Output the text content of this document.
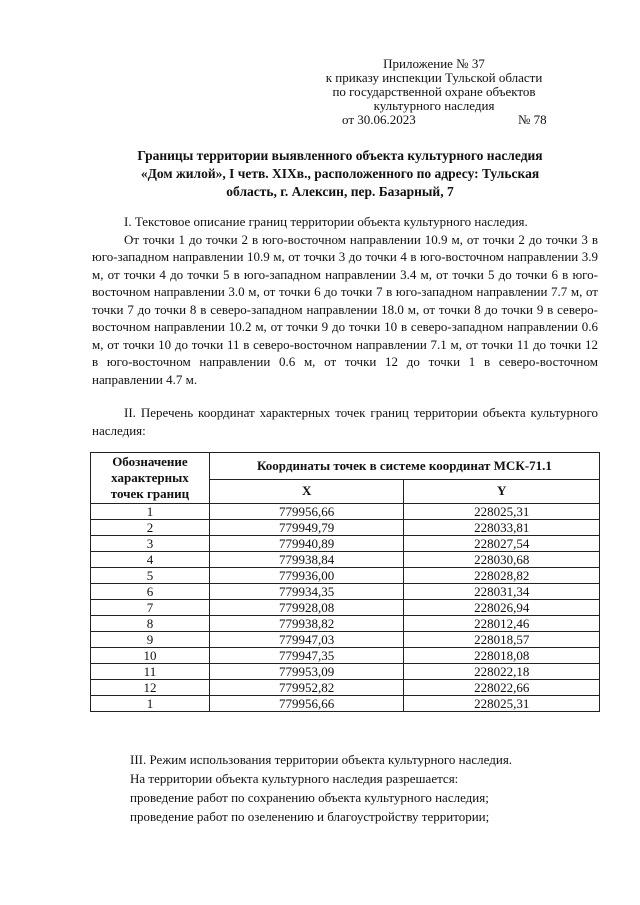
Приложение № 37
к приказу инспекции Тульской области
по государственной охране объектов
культурного наследия
от 30.06.2023	№ 78
Границы территории выявленного объекта культурного наследия
«Дом жилой», I четв. XIXв., расположенного по адресу: Тульская
область, г. Алексин, пер. Базарный, 7
I. Текстовое описание границ территории объекта культурного наследия.
От точки 1 до точки 2 в юго-восточном направлении 10.9 м, от точки 2 до точки 3 в юго-западном направлении 10.9 м, от точки 3 до точки 4 в юго-восточном направлении 3.9 м, от точки 4 до точки 5 в юго-западном направлении 3.4 м, от точки 5 до точки 6 в юго-восточном направлении 3.0 м, от точки 6 до точки 7 в юго-западном направлении 7.7 м, от точки 7 до точки 8 в северо-западном направлении 18.0 м, от точки 8 до точки 9 в северо-восточном направлении 10.2 м, от точки 9 до точки 10 в северо-западном направлении 0.6 м, от точки 10 до точки 11 в северо-восточном направлении 7.1 м, от точки 11 до точки 12 в юго-восточном направлении 0.6 м, от точки 12 до точки 1 в северо-восточном направлении 4.7 м.
II. Перечень координат характерных точек границ территории объекта культурного наследия:
Обозначение характерных точек границ	Координаты точек в системе координат МСК-71.1	
	X	Y
1	779956,66	228025,31
2	779949,79	228033,81
3	779940,89	228027,54
4	779938,84	228030,68
5	779936,00	228028,82
6	779934,35	228031,34
7	779928,08	228026,94
8	779938,82	228012,46
9	779947,03	228018,57
10	779947,35	228018,08
11	779953,09	228022,18
12	779952,82	228022,66
1	779956,66	228025,31
III. Режим использования территории объекта культурного наследия.
На территории объекта культурного наследия разрешается:
проведение работ по сохранению объекта культурного наследия;
проведение работ по озеленению и благоустройству территории;
